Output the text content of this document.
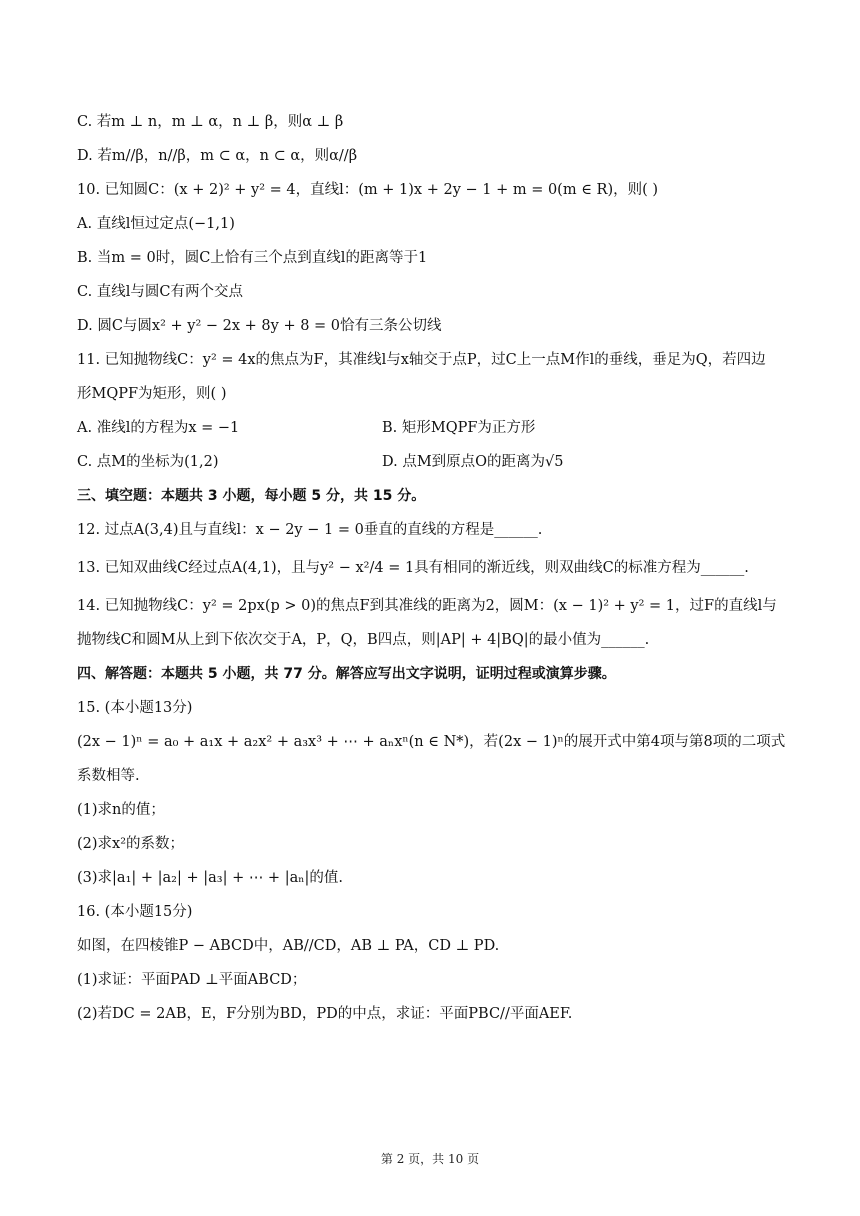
C. 若m ⊥ n，m ⊥ α，n ⊥ β，则α ⊥ β
D. 若m//β，n//β，m ⊂ α，n ⊂ α，则α//β
10. 已知圆C：(x + 2)² + y² = 4，直线l：(m + 1)x + 2y − 1 + m = 0(m ∈ R)，则( )
A. 直线l恒过定点(−1,1)
B. 当m = 0时，圆C上恰有三个点到直线l的距离等于1
C. 直线l与圆C有两个交点
D. 圆C与圆x² + y² − 2x + 8y + 8 = 0恰有三条公切线
11. 已知抛物线C：y² = 4x的焦点为F，其准线l与x轴交于点P，过C上一点M作l的垂线，垂足为Q，若四边
形MQPF为矩形，则( )
A. 准线l的方程为x = −1	B. 矩形MQPF为正方形
C. 点M的坐标为(1,2)	D. 点M到原点O的距离为√5
三、填空题：本题共 3 小题，每小题 5 分，共 15 分。
12. 过点A(3,4)且与直线l：x − 2y − 1 = 0垂直的直线的方程是______.
13. 已知双曲线C经过点A(4,1)，且与y² − x²/4 = 1具有相同的渐近线，则双曲线C的标准方程为______.
14. 已知抛物线C：y² = 2px(p > 0)的焦点F到其准线的距离为2，圆M：(x − 1)² + y² = 1，过F的直线l与
抛物线C和圆M从上到下依次交于A，P，Q，B四点，则|AP| + 4|BQ|的最小值为______.
四、解答题：本题共 5 小题，共 77 分。解答应写出文字说明，证明过程或演算步骤。
15. (本小题13分)
(2x − 1)ⁿ = a₀ + a₁x + a₂x² + a₃x³ + ⋯ + aₙxⁿ(n ∈ N*)，若(2x − 1)ⁿ的展开式中第4项与第8项的二项式
系数相等.
(1)求n的值；
(2)求x²的系数；
(3)求|a₁| + |a₂| + |a₃| + ⋯ + |aₙ|的值.
16. (本小题15分)
如图，在四棱锥P − ABCD中，AB//CD，AB ⊥ PA，CD ⊥ PD.
(1)求证：平面PAD ⊥平面ABCD；
(2)若DC = 2AB，E，F分别为BD，PD的中点，求证：平面PBC//平面AEF.
第 2 页，共 10 页
